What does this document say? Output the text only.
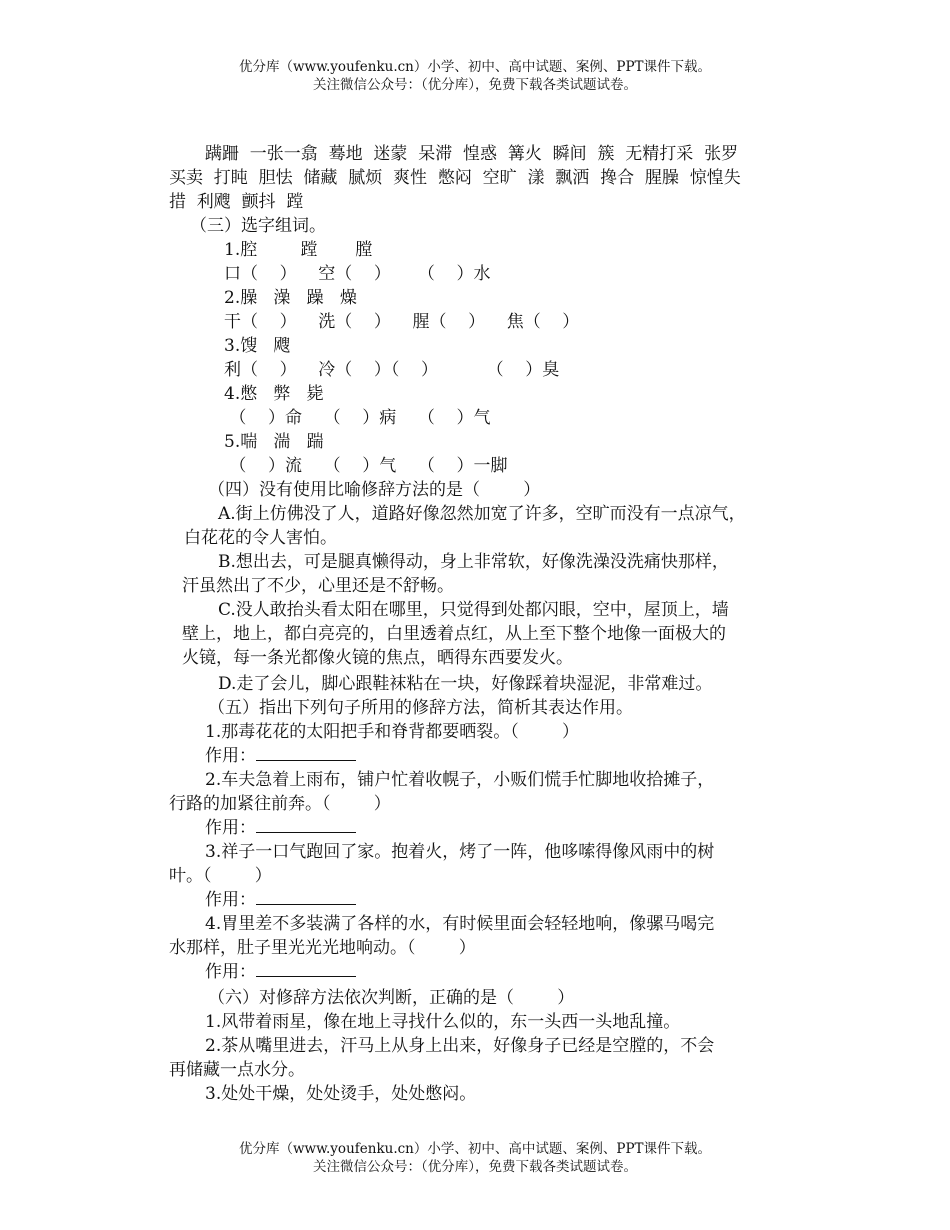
优分库（www.youfenku.cn）小学、初中、高中试题、案例、PPT课件下载。
关注微信公众号：（优分库），免费下载各类试题试卷。
蹒跚  一张一翕  蓦地  迷蒙  呆滞  惶惑  篝火  瞬间  簇  无精打采  张罗
买卖  打盹  胆怯  储藏  腻烦  爽性  憋闷  空旷  漾  飘洒  搀合  腥臊  惊惶失
措  利飕  颤抖  蹚
（三）选字组词。
1.腔        蹚       膛
口（    ）    空（    ）     （    ）水
2.臊   澡   躁   燥
干（    ）    洗（    ）    腥（    ）    焦（    ）
3.馊   飕
利（    ）    冷（    ）（    ）         （    ）臭
4.憋   弊   毙
（    ）命    （    ）病    （    ）气
5.喘   湍   踹
（    ）流    （    ）气    （    ）一脚
（四）没有使用比喻修辞方法的是（        ）
A.街上仿佛没了人，道路好像忽然加宽了许多，空旷而没有一点凉气，
白花花的令人害怕。
B.想出去，可是腿真懒得动，身上非常软，好像洗澡没洗痛快那样，
汗虽然出了不少，心里还是不舒畅。
C.没人敢抬头看太阳在哪里，只觉得到处都闪眼，空中，屋顶上，墙
壁上，地上，都白亮亮的，白里透着点红，从上至下整个地像一面极大的
火镜，每一条光都像火镜的焦点，晒得东西要发火。
D.走了会儿，脚心跟鞋袜粘在一块，好像踩着块湿泥，非常难过。
（五）指出下列句子所用的修辞方法，简析其表达作用。
1.那毒花花的太阳把手和脊背都要晒裂。（        ）
作用：
2.车夫急着上雨布，铺户忙着收幌子，小贩们慌手忙脚地收拾摊子，
行路的加紧往前奔。（        ）
作用：
3.祥子一口气跑回了家。抱着火，烤了一阵，他哆嗦得像风雨中的树
叶。（        ）
作用：
4.胃里差不多装满了各样的水，有时候里面会轻轻地响，像骡马喝完
水那样，肚子里光光光地响动。（        ）
作用：
（六）对修辞方法依次判断，正确的是（        ）
1.风带着雨星，像在地上寻找什么似的，东一头西一头地乱撞。
2.茶从嘴里进去，汗马上从身上出来，好像身子已经是空膛的，不会
再储藏一点水分。
3.处处干燥，处处烫手，处处憋闷。
优分库（www.youfenku.cn）小学、初中、高中试题、案例、PPT课件下载。
关注微信公众号：（优分库），免费下载各类试题试卷。
